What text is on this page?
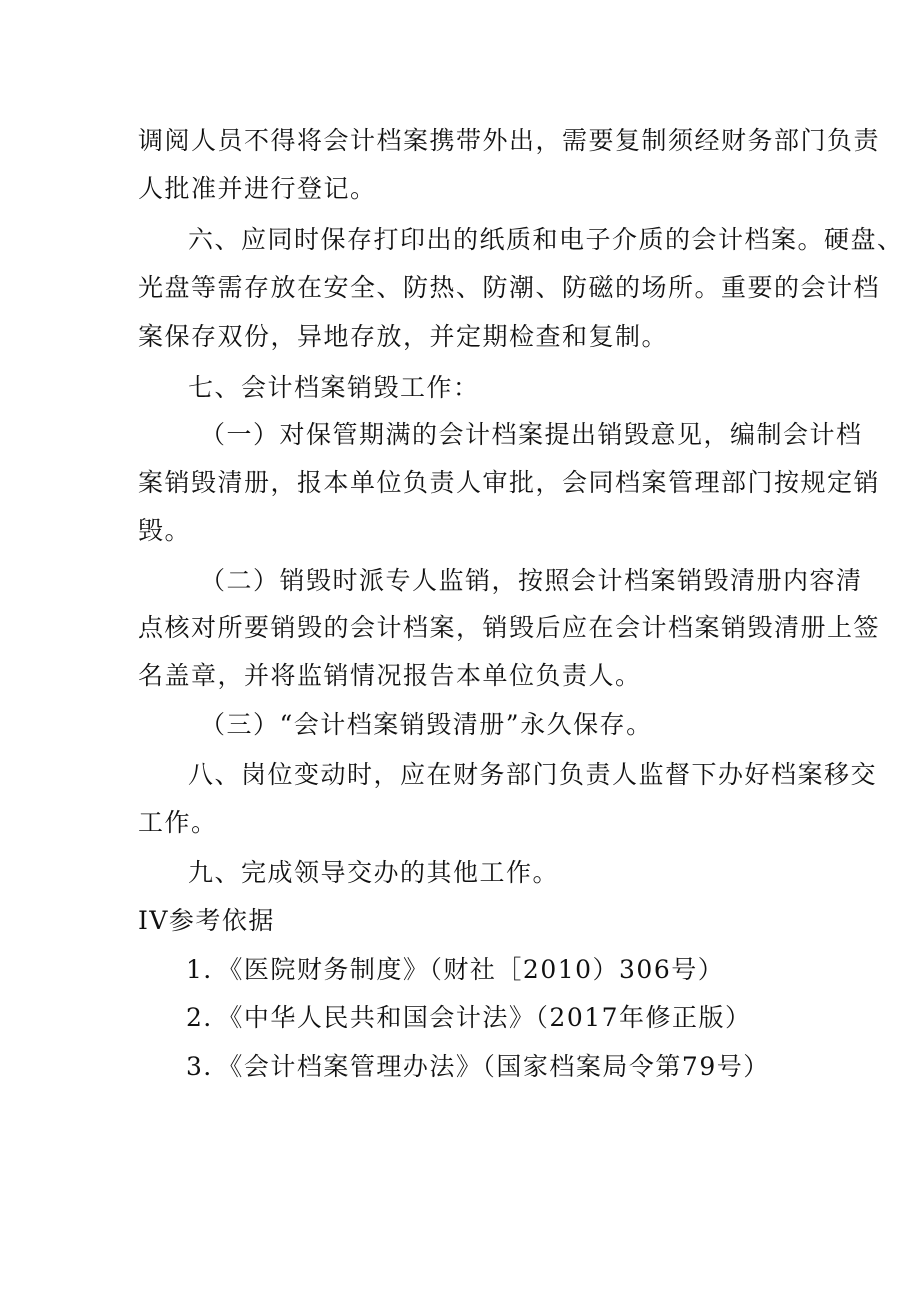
调阅人员不得将会计档案携带外出，需要复制须经财务部门负责
人批准并进行登记。
六、应同时保存打印出的纸质和电子介质的会计档案。硬盘、
光盘等需存放在安全、防热、防潮、防磁的场所。重要的会计档
案保存双份，异地存放，并定期检查和复制。
七、会计档案销毁工作：
（一）对保管期满的会计档案提出销毁意见，编制会计档
案销毁清册，报本单位负责人审批，会同档案管理部门按规定销
毁。
（二）销毁时派专人监销，按照会计档案销毁清册内容清
点核对所要销毁的会计档案，销毁后应在会计档案销毁清册上签
名盖章，并将监销情况报告本单位负责人。
（三）“会计档案销毁清册”永久保存。
八、岗位变动时，应在财务部门负责人监督下办好档案移交
工作。
九、完成领导交办的其他工作。
IV参考依据
1．《医院财务制度》（财社［2010）306号）
2．《中华人民共和国会计法》（2017年修正版）
3．《会计档案管理办法》（国家档案局令第79号）
